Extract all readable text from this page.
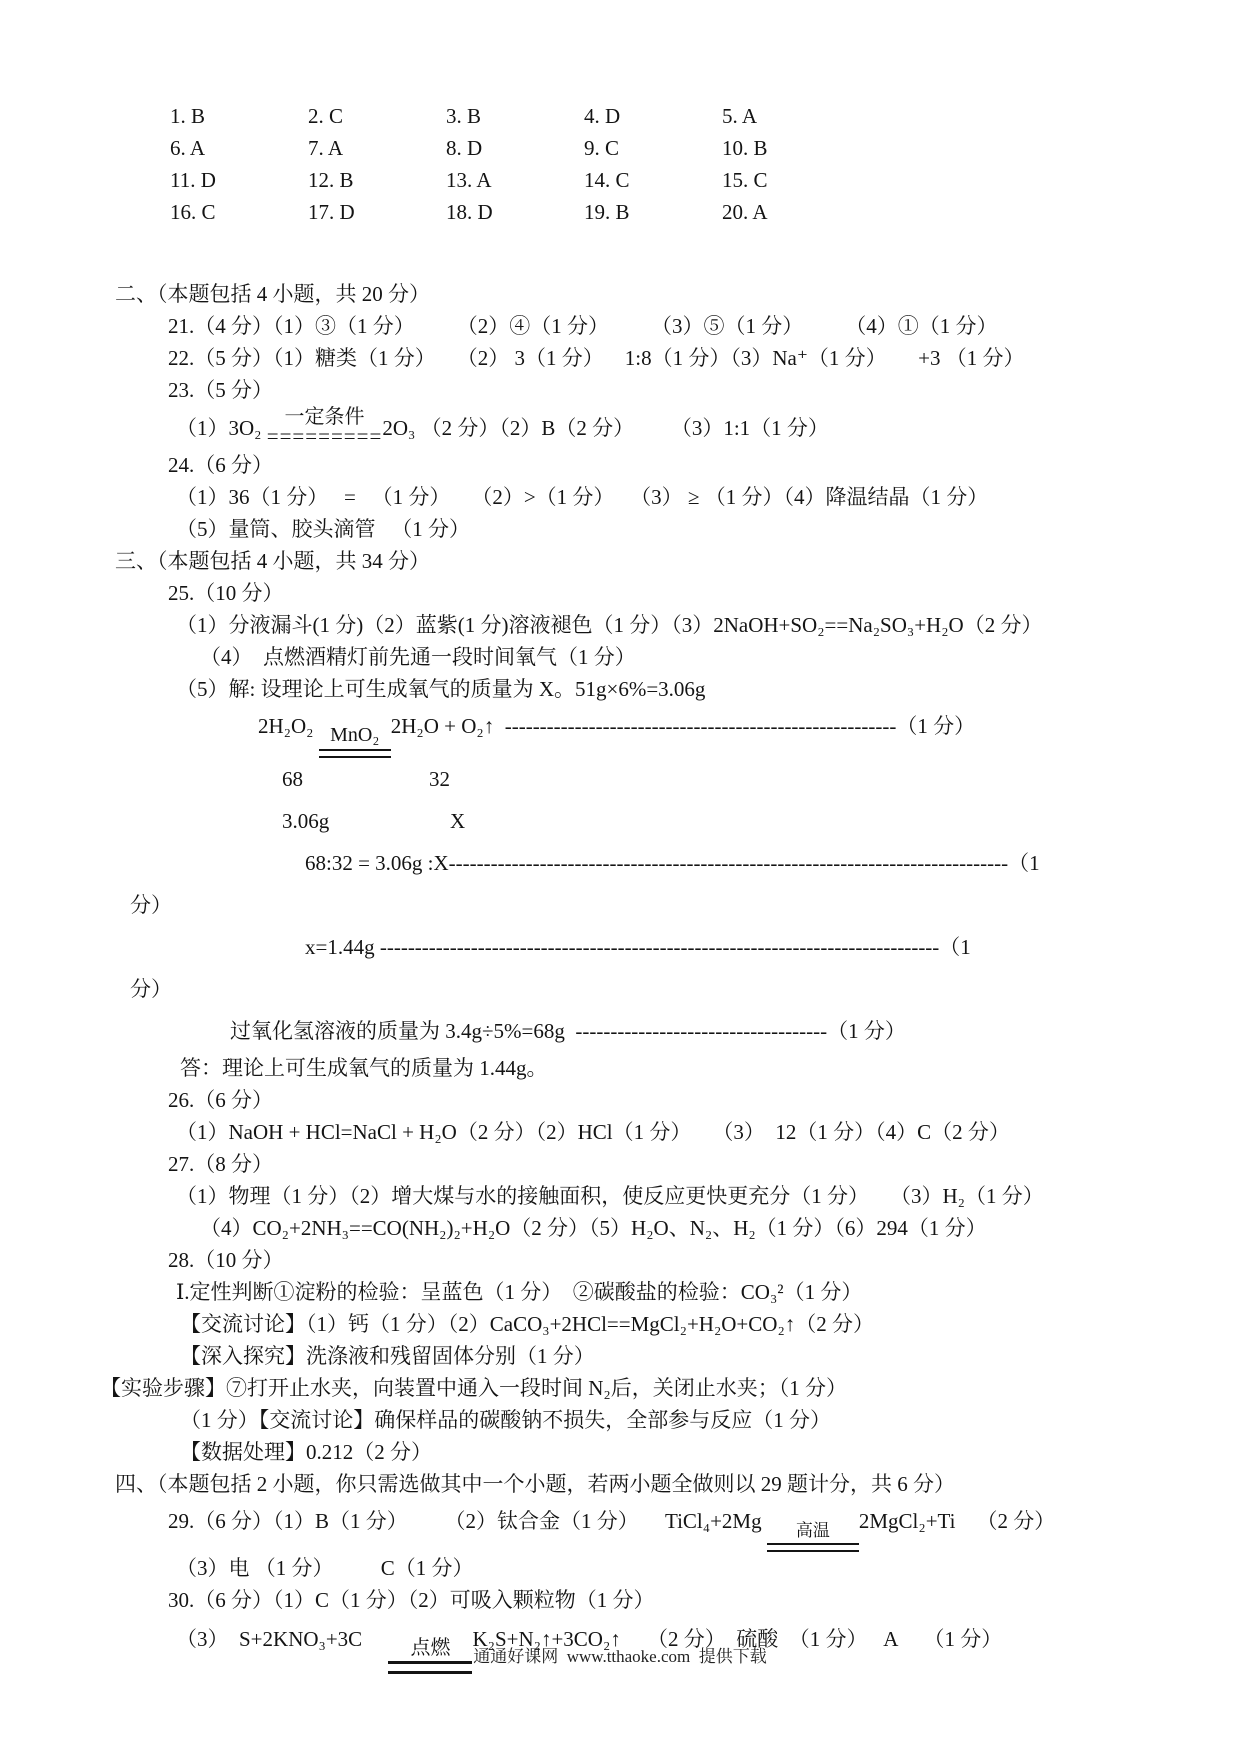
1. B	2. C	3. B	4. D	5. A
6. A	7. A	8. D	9. C	10. B
11. D	12. B	13. A	14. C	15. C
16. C	17. D	18. D	19. B	20. A
二、（本题包括 4 小题，共 20 分）
21.（4 分）（1）③（1 分）        （2）④（1 分）        （3）⑤（1 分）        （4）①（1 分）
22.（5 分）（1）糖类（1 分）    （2） 3（1 分）    1:8（1 分）（3）Na⁺（1 分）      +3 （1 分）
23.（5 分）
（1）3O₂ 一定条件
========= 2O₃ （2 分）（2）B（2 分）       （3）1:1（1 分）
24.（6 分）
（1）36（1 分）   =   （1 分）    （2）>（1 分）   （3） ≥ （1 分）（4）降温结晶（1 分）
（5）量筒、胶头滴管   （1 分）
三、（本题包括 4 小题，共 34 分）
25.（10 分）
（1）分液漏斗(1 分)（2）蓝紫(1 分)溶液褪色（1 分）（3）2NaOH+SO₂==Na₂SO₃+H₂O（2 分）
（4）  点燃酒精灯前先通一段时间氧气（1 分）
（5）解: 设理论上可生成氧气的质量为 X。51g×6%=3.06g
2H₂O₂ MnO₂ 2H₂O + O₂↑  --------------------------------------------------------（1 分）
68                        32
3.06g                       X
68:32 = 3.06g :X--------------------------------------------------------------------------------（1
分）
x=1.44g --------------------------------------------------------------------------------（1
分）
过氧化氢溶液的质量为 3.4g÷5%=68g  ------------------------------------（1 分）
答：理论上可生成氧气的质量为 1.44g。
26.（6 分）
（1）NaOH + HCl=NaCl + H₂O（2 分）（2）HCl（1 分）    （3）  12（1 分）（4）C（2 分）
27.（8 分）
（1）物理（1 分）（2）增大煤与水的接触面积，使反应更快更充分（1 分）    （3）H₂（1 分）
（4）CO₂+2NH₃==CO(NH₂)₂+H₂O（2 分）（5）H₂O、N₂、H₂（1 分）（6）294（1 分）
28.（10 分）
Ⅰ.定性判断①淀粉的检验：呈蓝色（1 分）  ②碳酸盐的检验：CO₃²（1 分）
【交流讨论】（1）钙（1 分）（2）CaCO₃+2HCl==MgCl₂+H₂O+CO₂↑（2 分）
【深入探究】洗涤液和残留固体分别（1 分）
【实验步骤】⑦打开止水夹，向装置中通入一段时间 N₂后，关闭止水夹；（1 分）
（1 分）【交流讨论】确保样品的碳酸钠不损失，全部参与反应（1 分）
【数据处理】0.212（2 分）
四、（本题包括 2 小题，你只需选做其中一个小题，若两小题全做则以 29 题计分，共 6 分）
29.（6 分）（1）B（1 分）       （2）钛合金（1 分）     TiCl₄+2Mg	高温	2MgCl₂+Ti    （2 分）
（3）电 （1 分）         C（1 分）
30.（6 分）（1）C（1 分）（2）可吸入颗粒物（1 分）
（3）  S+2KNO₃+3C	点燃	K₂S+N₂↑+3CO₂↑     （2 分）  硫酸  （1 分）   A     （1 分）
通通好课网  www.tthaoke.com  提供下载
